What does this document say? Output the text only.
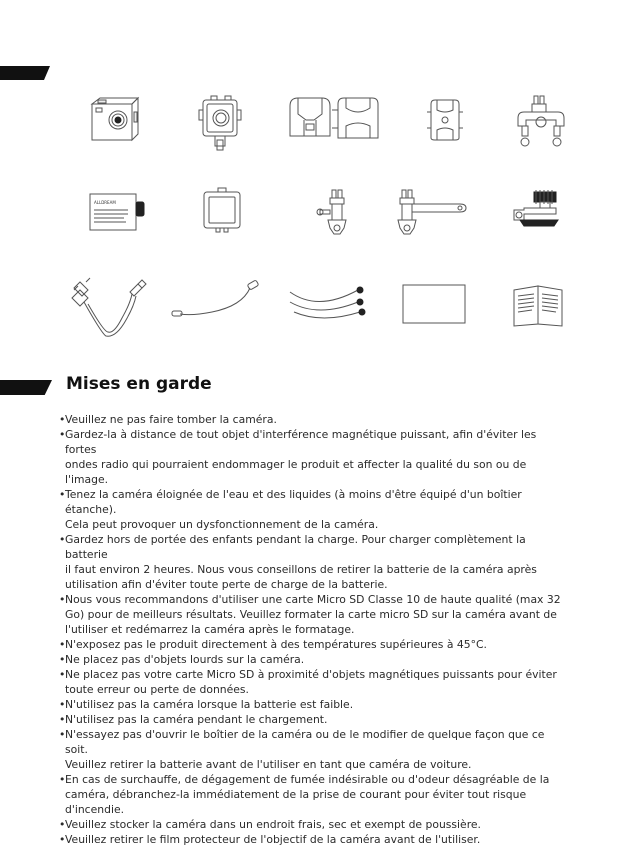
ALLDREAM
Mises en garde
• Veuillez ne pas faire tomber la caméra.
• Gardez-la à distance de tout objet d'interférence magnétique puissant, afin d'éviter les fortes
ondes radio qui pourraient endommager le produit et affecter la qualité du son ou de l'image.
• Tenez la caméra éloignée de l'eau et des liquides (à moins d'être équipé d'un boîtier étanche).
Cela peut provoquer un dysfonctionnement de la caméra.
• Gardez hors de portée des enfants pendant la charge. Pour charger complètement la batterie
il faut environ 2 heures. Nous vous conseillons de retirer la batterie de la caméra après
utilisation afin d'éviter toute perte de charge de la batterie.
• Nous vous recommandons d'utiliser une carte Micro SD Classe 10 de haute qualité (max 32
Go) pour de meilleurs résultats. Veuillez formater la carte micro SD sur la caméra avant de
l'utiliser et redémarrez la caméra après le formatage.
• N'exposez pas le produit directement à des températures supérieures à 45°C.
• Ne placez pas d'objets lourds sur la caméra.
• Ne placez pas votre carte Micro SD à proximité d'objets magnétiques puissants pour éviter
toute erreur ou perte de données.
• N'utilisez pas la caméra lorsque la batterie est faible.
• N'utilisez pas la caméra pendant le chargement.
• N'essayez pas d'ouvrir le boîtier de la caméra ou de le modifier de quelque façon que ce soit.
Veuillez retirer la batterie avant de l'utiliser en tant que caméra de voiture.
• En cas de surchauffe, de dégagement de fumée indésirable ou d'odeur désagréable de la
caméra, débranchez-la immédiatement de la prise de courant pour éviter tout risque
d'incendie.
• Veuillez stocker la caméra dans un endroit frais, sec et exempt de poussière.
• Veuillez retirer le film protecteur de l'objectif de la caméra avant de l'utiliser.
